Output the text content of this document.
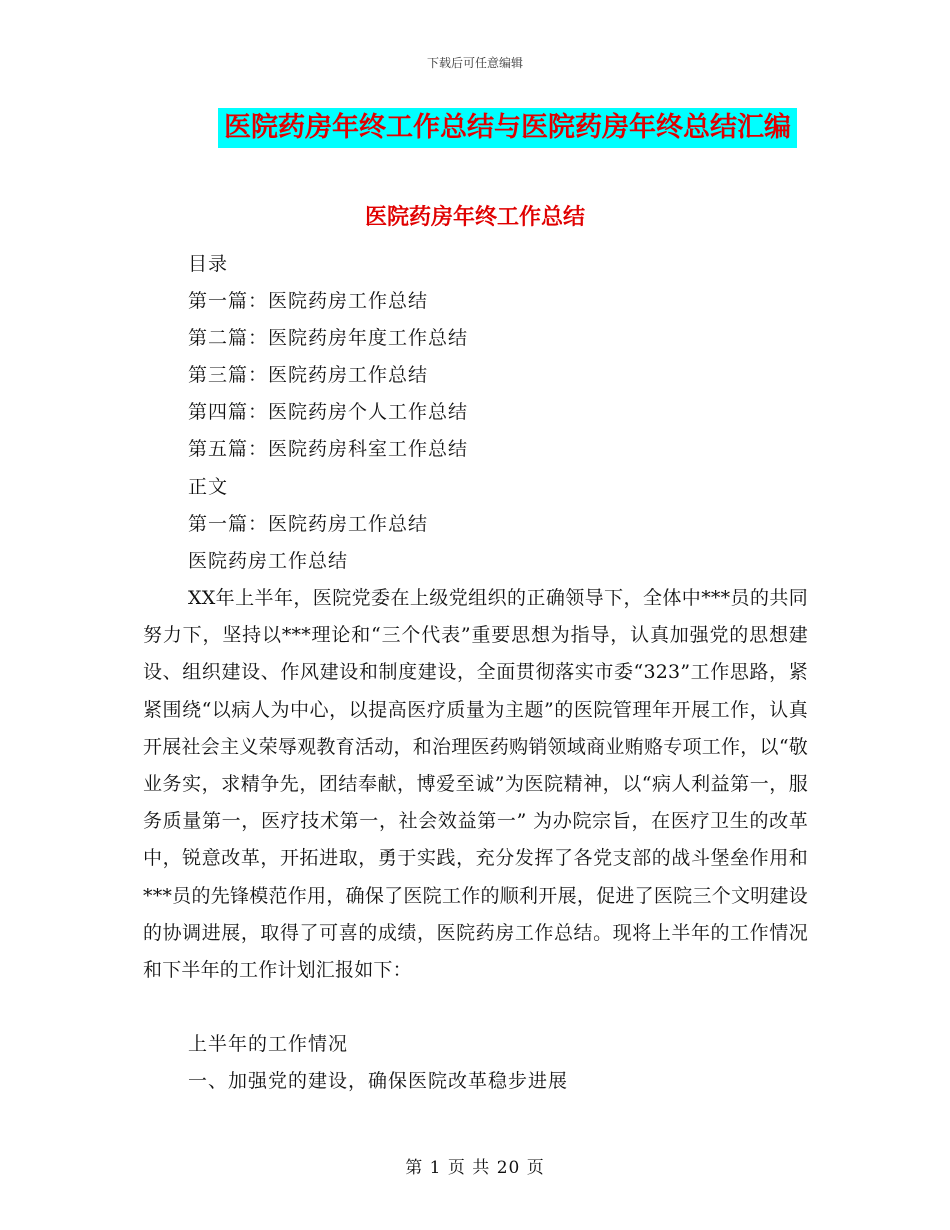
下载后可任意编辑
医院药房年终工作总结与医院药房年终总结汇编
医院药房年终工作总结
目录
第一篇：医院药房工作总结
第二篇：医院药房年度工作总结
第三篇：医院药房工作总结
第四篇：医院药房个人工作总结
第五篇：医院药房科室工作总结
正文
第一篇：医院药房工作总结
医院药房工作总结
XX年上半年，医院党委在上级党组织的正确领导下，全体中***员的共同努力下，坚持以***理论和“三个代表”重要思想为指导，认真加强党的思想建设、组织建设、作风建设和制度建设，全面贯彻落实市委“323”工作思路，紧紧围绕“以病人为中心，以提高医疗质量为主题”的医院管理年开展工作，认真开展社会主义荣辱观教育活动，和治理医药购销领域商业贿赂专项工作，以“敬业务实，求精争先，团结奉献，博爱至诚”为医院精神，以“病人利益第一，服务质量第一，医疗技术第一，社会效益第一” 为办院宗旨，在医疗卫生的改革中，锐意改革，开拓进取，勇于实践，充分发挥了各党支部的战斗堡垒作用和***员的先锋模范作用，确保了医院工作的顺利开展，促进了医院三个文明建设的协调进展，取得了可喜的成绩，医院药房工作总结。现将上半年的工作情况和下半年的工作计划汇报如下：
上半年的工作情况
一、加强党的建设，确保医院改革稳步进展
第 1 页 共 20 页
